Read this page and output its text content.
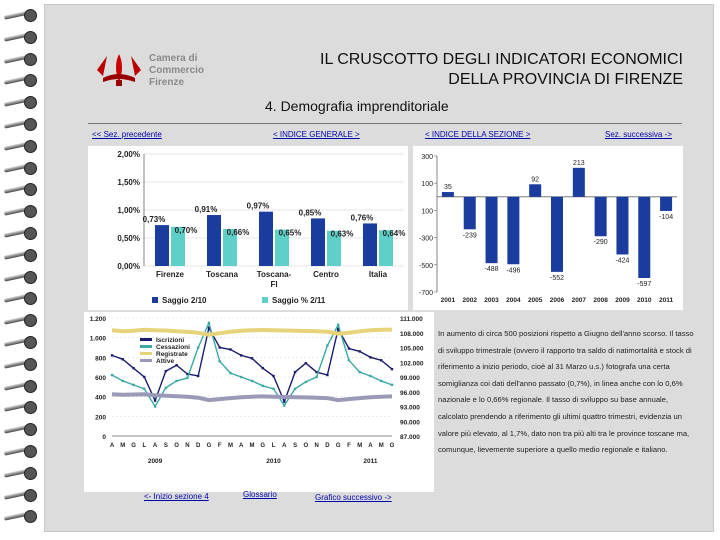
Camera di Commercio
Firenze
IL CRUSCOTTO DEGLI INDICATORI ECONOMICI
DELLA PROVINCIA DI FIRENZE
4. Demografia imprenditoriale
<< Sez. precedente	< INDICE GENERALE >	< INDICE DELLA SEZIONE >	Sez. successiva ->
0,00%
0,50%
1,00%
1,50%
2,00%
0,73%
0,70%
Firenze
0,91%
0,66%
Toscana
0,97%
0,65%
Toscana-
FI
0,85%
0,63%
Centro
0,76%
0,64%
Italia
Saggio 2/10	Saggio % 2/11
-700
-500
-300
100
100
300
35
2001
-239
2002
-488
2003
-496
2004
92
2005
-552
2006
213
2007
-290
2008
-424
2009
-597
2010
-104
2011
0
200
400
600
800
1.000
1.200
87.000
90.000
93.000
96.000
99.000
102.000
105.000
108.000
111.000
A M G L A S O N D G F M A M G L A S O N D G F M A M G
2009	2010	2011
Iscrizioni
Cessazioni
Registrate
Attive

In aumento di circa 500 posizioni rispetto a Giugno dell'anno scorso. Il tasso di sviluppo trimestrale (ovvero il rapporto tra saldo di natimortalità e stock di riferimento a inizio periodo, cioè al 31 Marzo u.s.) fotografa una certa somiglianza coi dati dell'anno passato (0,7%), in linea anche con lo 0,6% nazionale e lo 0,66% regionale. Il tasso di sviluppo su base annuale, calcolato prendendo a riferimento gli ultimi quattro trimestri, evidenzia un valore più elevato, al 1,7%, dato non tra più alti tra le province toscane ma, comunque, lievemente superiore a quello medio regionale e italiano.

<- Inizio sezione 4	Glossario	Grafico successivo ->
